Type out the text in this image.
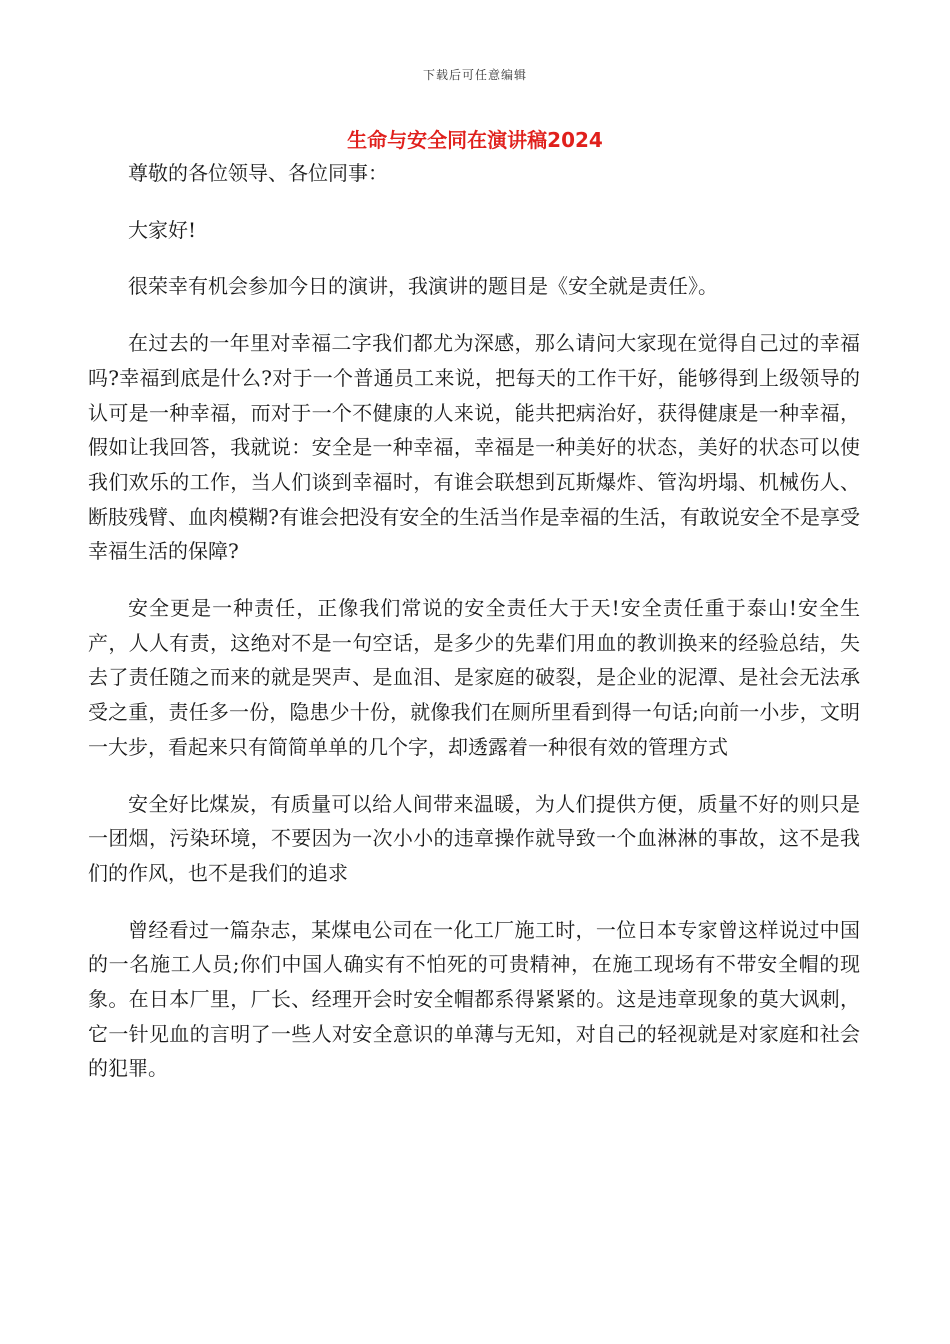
下载后可任意编辑
生命与安全同在演讲稿2024

尊敬的各位领导、各位同事：

大家好!

很荣幸有机会参加今日的演讲，我演讲的题目是《安全就是责任》。

在过去的一年里对幸福二字我们都尤为深感，那么请问大家现在觉得自己过的幸福吗?幸福到底是什么?对于一个普通员工来说，把每天的工作干好，能够得到上级领导的认可是一种幸福，而对于一个不健康的人来说，能共把病治好，获得健康是一种幸福，假如让我回答，我就说：安全是一种幸福，幸福是一种美好的状态，美好的状态可以使我们欢乐的工作，当人们谈到幸福时，有谁会联想到瓦斯爆炸、管沟坍塌、机械伤人、断肢残臂、血肉模糊?有谁会把没有安全的生活当作是幸福的生活，有敢说安全不是享受幸福生活的保障?

安全更是一种责任，正像我们常说的安全责任大于天!安全责任重于泰山!安全生产，人人有责，这绝对不是一句空话，是多少的先辈们用血的教训换来的经验总结，失去了责任随之而来的就是哭声、是血泪、是家庭的破裂，是企业的泥潭、是社会无法承受之重，责任多一份，隐患少十份，就像我们在厕所里看到得一句话;向前一小步，文明一大步，看起来只有简简单单的几个字，却透露着一种很有效的管理方式

安全好比煤炭，有质量可以给人间带来温暖，为人们提供方便，质量不好的则只是一团烟，污染环境，不要因为一次小小的违章操作就导致一个血淋淋的事故，这不是我们的作风，也不是我们的追求

曾经看过一篇杂志，某煤电公司在一化工厂施工时，一位日本专家曾这样说过中国的一名施工人员;你们中国人确实有不怕死的可贵精神，在施工现场有不带安全帽的现象。在日本厂里，厂长、经理开会时安全帽都系得紧紧的。这是违章现象的莫大讽刺，它一针见血的言明了一些人对安全意识的单薄与无知，对自己的轻视就是对家庭和社会的犯罪。
